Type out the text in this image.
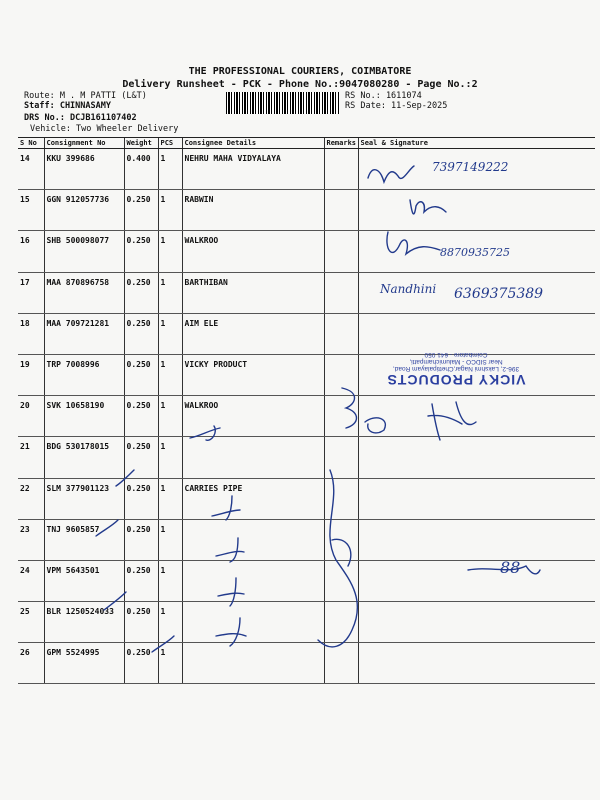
THE PROFESSIONAL COURIERS, COIMBATORE
Delivery Runsheet - PCK - Phone No.:9047080280 - Page No.:2
Route: M . M PATTI (L&T)
Staff: CHINNASAMY
DRS No.: DCJB161107402
Vehicle: Two Wheeler Delivery
RS No.: 1611074
RS Date: 11-Sep-2025
S No	Consignment No	Weight	PCS	Consignee Details	Remarks	Seal & Signature
14	KKU 399686	0.400	1	NEHRU MAHA VIDYALAYA		
15	GGN 912057736	0.250	1	RABWIN		
16	SHB 500098077	0.250	1	WALKROO		
17	MAA 870896758	0.250	1	BARTHIBAN		
18	MAA 709721281	0.250	1	AIM ELE		
19	TRP 7008996	0.250	1	VICKY PRODUCT		
20	SVK 10658190	0.250	1	WALKROO		
21	BDG 530178015	0.250	1			
22	SLM 377901123	0.250	1	CARRIES PIPE		
23	TNJ 9605857	0.250	1			
24	VPM 5643501	0.250	1			
25	BLR 1250524033	0.250	1			
26	GPM 5524995	0.250	1			
7397149222
8870935725
Nandhini 6369375389
88
VICKY PRODUCTS
396-2, Lakshmi Nagar,Chettipalayam Road,
Near SIDCO - Malumichampatti,
Coimbatore - 641 050
